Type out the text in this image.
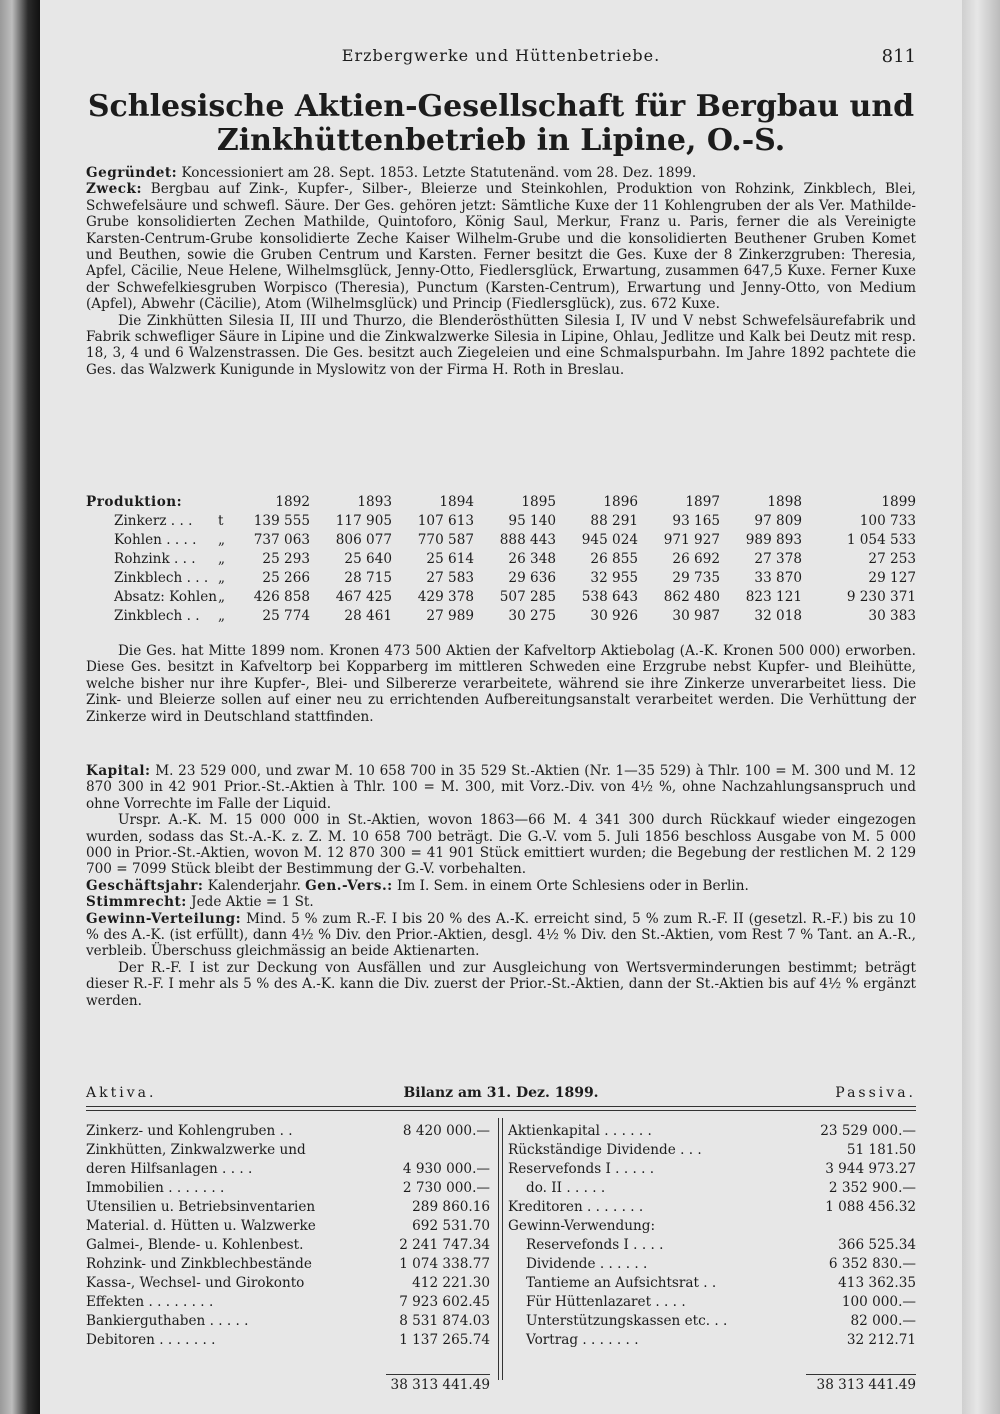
Erzbergwerke und Hüttenbetriebe.	811
Schlesische Aktien-Gesellschaft für Bergbau und
Zinkhüttenbetrieb in Lipine, O.-S.

Gegründet: Koncessioniert am 28. Sept. 1853. Letzte Statutenänd. vom 28. Dez. 1899.

Zweck: Bergbau auf Zink-, Kupfer-, Silber-, Bleierze und Steinkohlen, Produktion von Rohzink, Zinkblech, Blei, Schwefelsäure und schwefl. Säure. Der Ges. gehören jetzt: Sämtliche Kuxe der 11 Kohlengruben der als Ver. Mathilde-Grube konsolidierten Zechen Mathilde, Quintoforo, König Saul, Merkur, Franz u. Paris, ferner die als Vereinigte Karsten-Centrum-Grube konsolidierte Zeche Kaiser Wilhelm-Grube und die konsolidierten Beuthener Gruben Komet und Beuthen, sowie die Gruben Centrum und Karsten. Ferner besitzt die Ges. Kuxe der 8 Zinkerzgruben: Theresia, Apfel, Cäcilie, Neue Helene, Wilhelmsglück, Jenny-Otto, Fiedlersglück, Erwartung, zusammen 647,5 Kuxe. Ferner Kuxe der Schwefelkiesgruben Worpisco (Theresia), Punctum (Karsten-Centrum), Erwartung und Jenny-Otto, von Medium (Apfel), Abwehr (Cäcilie), Atom (Wilhelmsglück) und Princip (Fiedlersglück), zus. 672 Kuxe.

Die Zinkhütten Silesia II, III und Thurzo, die Blenderösthütten Silesia I, IV und V nebst Schwefelsäurefabrik und Fabrik schwefliger Säure in Lipine und die Zinkwalzwerke Silesia in Lipine, Ohlau, Jedlitze und Kalk bei Deutz mit resp. 18, 3, 4 und 6 Walzenstrassen. Die Ges. besitzt auch Ziegeleien und eine Schmalspurbahn. Im Jahre 1892 pachtete die Ges. das Walzwerk Kunigunde in Myslowitz von der Firma H. Roth in Breslau.

Produktion:		1892	1893	1894	1895	1896	1897	1898	1899
Zinkerz . . .	t	139 555	117 905	107 613	95 140	88 291	93 165	97 809	100 733
Kohlen . . . .	„	737 063	806 077	770 587	888 443	945 024	971 927	989 893	1 054 533
Rohzink . . .	„	25 293	25 640	25 614	26 348	26 855	26 692	27 378	27 253
Zinkblech . . .	„	25 266	28 715	27 583	29 636	32 955	29 735	33 870	29 127
Absatz: Kohlen	„	426 858	467 425	429 378	507 285	538 643	862 480	823 121	9 230 371
Zinkblech . .	„	25 774	28 461	27 989	30 275	30 926	30 987	32 018	30 383

Die Ges. hat Mitte 1899 nom. Kronen 473 500 Aktien der Kafveltorp Aktiebolag (A.-K. Kronen 500 000) erworben. Diese Ges. besitzt in Kafveltorp bei Kopparberg im mittleren Schweden eine Erzgrube nebst Kupfer- und Bleihütte, welche bisher nur ihre Kupfer-, Blei- und Silbererze verarbeitete, während sie ihre Zinkerze unverarbeitet liess. Die Zink- und Bleierze sollen auf einer neu zu errichtenden Aufbereitungsanstalt verarbeitet werden. Die Verhüttung der Zinkerze wird in Deutschland stattfinden.

Kapital: M. 23 529 000, und zwar M. 10 658 700 in 35 529 St.-Aktien (Nr. 1—35 529) à Thlr. 100 = M. 300 und M. 12 870 300 in 42 901 Prior.-St.-Aktien à Thlr. 100 = M. 300, mit Vorz.-Div. von 4½ %, ohne Nachzahlungsanspruch und ohne Vorrechte im Falle der Liquid.

Urspr. A.-K. M. 15 000 000 in St.-Aktien, wovon 1863—66 M. 4 341 300 durch Rückkauf wieder eingezogen wurden, sodass das St.-A.-K. z. Z. M. 10 658 700 beträgt. Die G.-V. vom 5. Juli 1856 beschloss Ausgabe von M. 5 000 000 in Prior.-St.-Aktien, wovon M. 12 870 300 = 41 901 Stück emittiert wurden; die Begebung der restlichen M. 2 129 700 = 7099 Stück bleibt der Bestimmung der G.-V. vorbehalten.

Geschäftsjahr: Kalenderjahr. Gen.-Vers.: Im I. Sem. in einem Orte Schlesiens oder in Berlin.

Stimmrecht: Jede Aktie = 1 St.

Gewinn-Verteilung: Mind. 5 % zum R.-F. I bis 20 % des A.-K. erreicht sind, 5 % zum R.-F. II (gesetzl. R.-F.) bis zu 10 % des A.-K. (ist erfüllt), dann 4½ % Div. den Prior.-Aktien, desgl. 4½ % Div. den St.-Aktien, vom Rest 7 % Tant. an A.-R., verbleib. Überschuss gleichmässig an beide Aktienarten.

Der R.-F. I ist zur Deckung von Ausfällen und zur Ausgleichung von Wertsverminderungen bestimmt; beträgt dieser R.-F. I mehr als 5 % des A.-K. kann die Div. zuerst der Prior.-St.-Aktien, dann der St.-Aktien bis auf 4½ % ergänzt werden.

Aktiva.	Bilanz am 31. Dez. 1899.	Passiva.
Zinkerz- und Kohlengruben . .	8 420 000.—
Zinkhütten, Zinkwalzwerke und
deren Hilfsanlagen . . . .	4 930 000.—
Immobilien . . . . . . .	2 730 000.—
Utensilien u. Betriebsinventarien	289 860.16
Material. d. Hütten u. Walzwerke	692 531.70
Galmei-, Blende- u. Kohlenbest.	2 241 747.34
Rohzink- und Zinkblechbestände	1 074 338.77
Kassa-, Wechsel- und Girokonto	412 221.30
Effekten . . . . . . . .	7 923 602.45
Bankierguthaben . . . . .	8 531 874.03
Debitoren . . . . . . .	1 137 265.74
Aktienkapital . . . . . .	23 529 000.—
Rückständige Dividende . . .	51 181.50
Reservefonds I . . . . .	3 944 973.27
do. II . . . . .	2 352 900.—
Kreditoren . . . . . . .	1 088 456.32
Gewinn-Verwendung:
Reservefonds I . . . .	366 525.34
Dividende . . . . . .	6 352 830.—
Tantieme an Aufsichtsrat . .	413 362.35
Für Hüttenlazaret . . . .	100 000.—
Unterstützungskassen etc. . .	82 000.—
Vortrag . . . . . . .	32 212.71
38 313 441.49	38 313 441.49
